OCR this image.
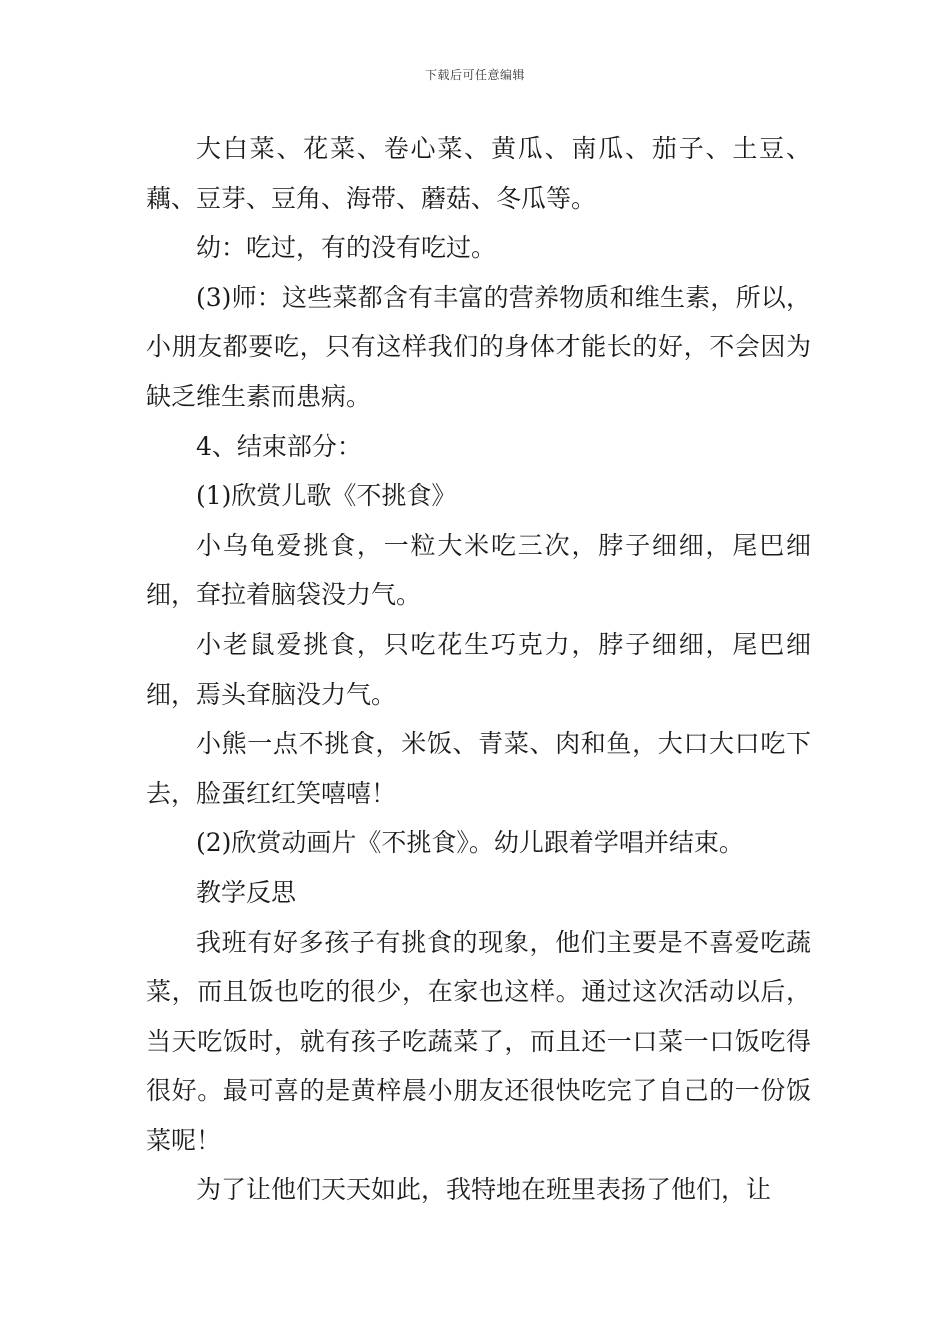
下载后可任意编辑

大白菜、花菜、卷心菜、黄瓜、南瓜、茄子、土豆、藕、豆芽、豆角、海带、蘑菇、冬瓜等。

幼：吃过，有的没有吃过。

(3)师：这些菜都含有丰富的营养物质和维生素，所以，小朋友都要吃，只有这样我们的身体才能长的好，不会因为缺乏维生素而患病。

4、结束部分：

(1)欣赏儿歌《不挑食》

小乌龟爱挑食，一粒大米吃三次，脖子细细，尾巴细细，耷拉着脑袋没力气。

小老鼠爱挑食，只吃花生巧克力，脖子细细，尾巴细细，焉头耷脑没力气。

小熊一点不挑食，米饭、青菜、肉和鱼，大口大口吃下去，脸蛋红红笑嘻嘻！

(2)欣赏动画片《不挑食》。幼儿跟着学唱并结束。

教学反思

我班有好多孩子有挑食的现象，他们主要是不喜爱吃蔬菜，而且饭也吃的很少，在家也这样。通过这次活动以后，当天吃饭时，就有孩子吃蔬菜了，而且还一口菜一口饭吃得很好。最可喜的是黄梓晨小朋友还很快吃完了自己的一份饭菜呢！

为了让他们天天如此，我特地在班里表扬了他们，让
